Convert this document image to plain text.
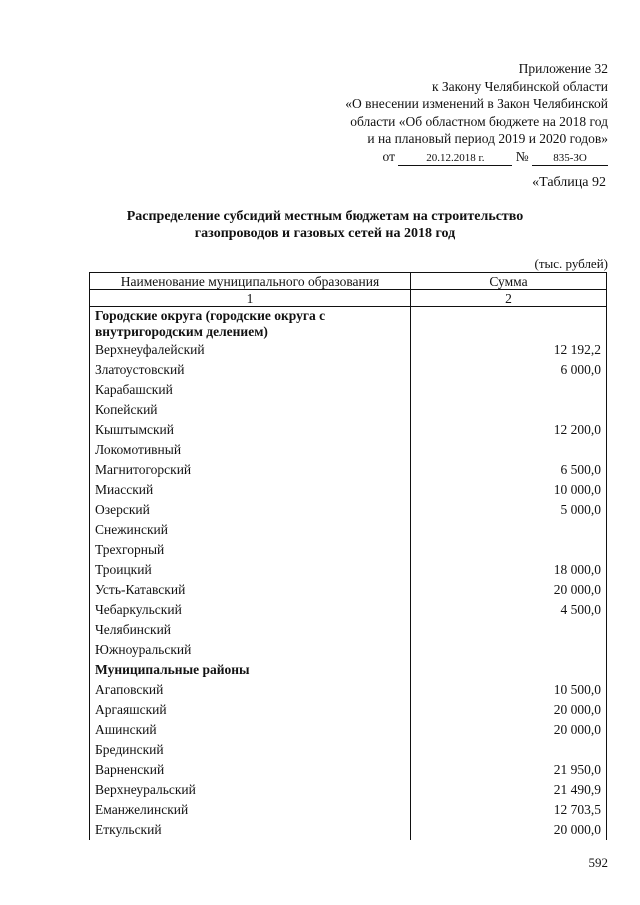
Приложение 32
к Закону Челябинской области
«О внесении изменений в Закон Челябинской
области «Об областном бюджете на 2018 год
и на плановый период 2019 и 2020 годов»
от	20.12.2018 г. № 835-ЗО
«Таблица 92
Распределение субсидий местным бюджетам на строительство газопроводов и газовых сетей на 2018 год
(тыс. рублей)
Наименование муниципального образования	Сумма
1	2
Городские округа (городские округа с внутригородским делением)	
Верхнеуфалейский	12 192,2
Златоустовский	6 000,0
Карабашский	
Копейский	
Кыштымский	12 200,0
Локомотивный	
Магнитогорский	6 500,0
Миасский	10 000,0
Озерский	5 000,0
Снежинский	
Трехгорный	
Троицкий	18 000,0
Усть-Катавский	20 000,0
Чебаркульский	4 500,0
Челябинский	
Южноуральский	
Муниципальные районы	
Агаповский	10 500,0
Аргаяшский	20 000,0
Ашинский	20 000,0
Брединский	
Варненский	21 950,0
Верхнеуральский	21 490,9
Еманжелинский	12 703,5
Еткульский	20 000,0
592
